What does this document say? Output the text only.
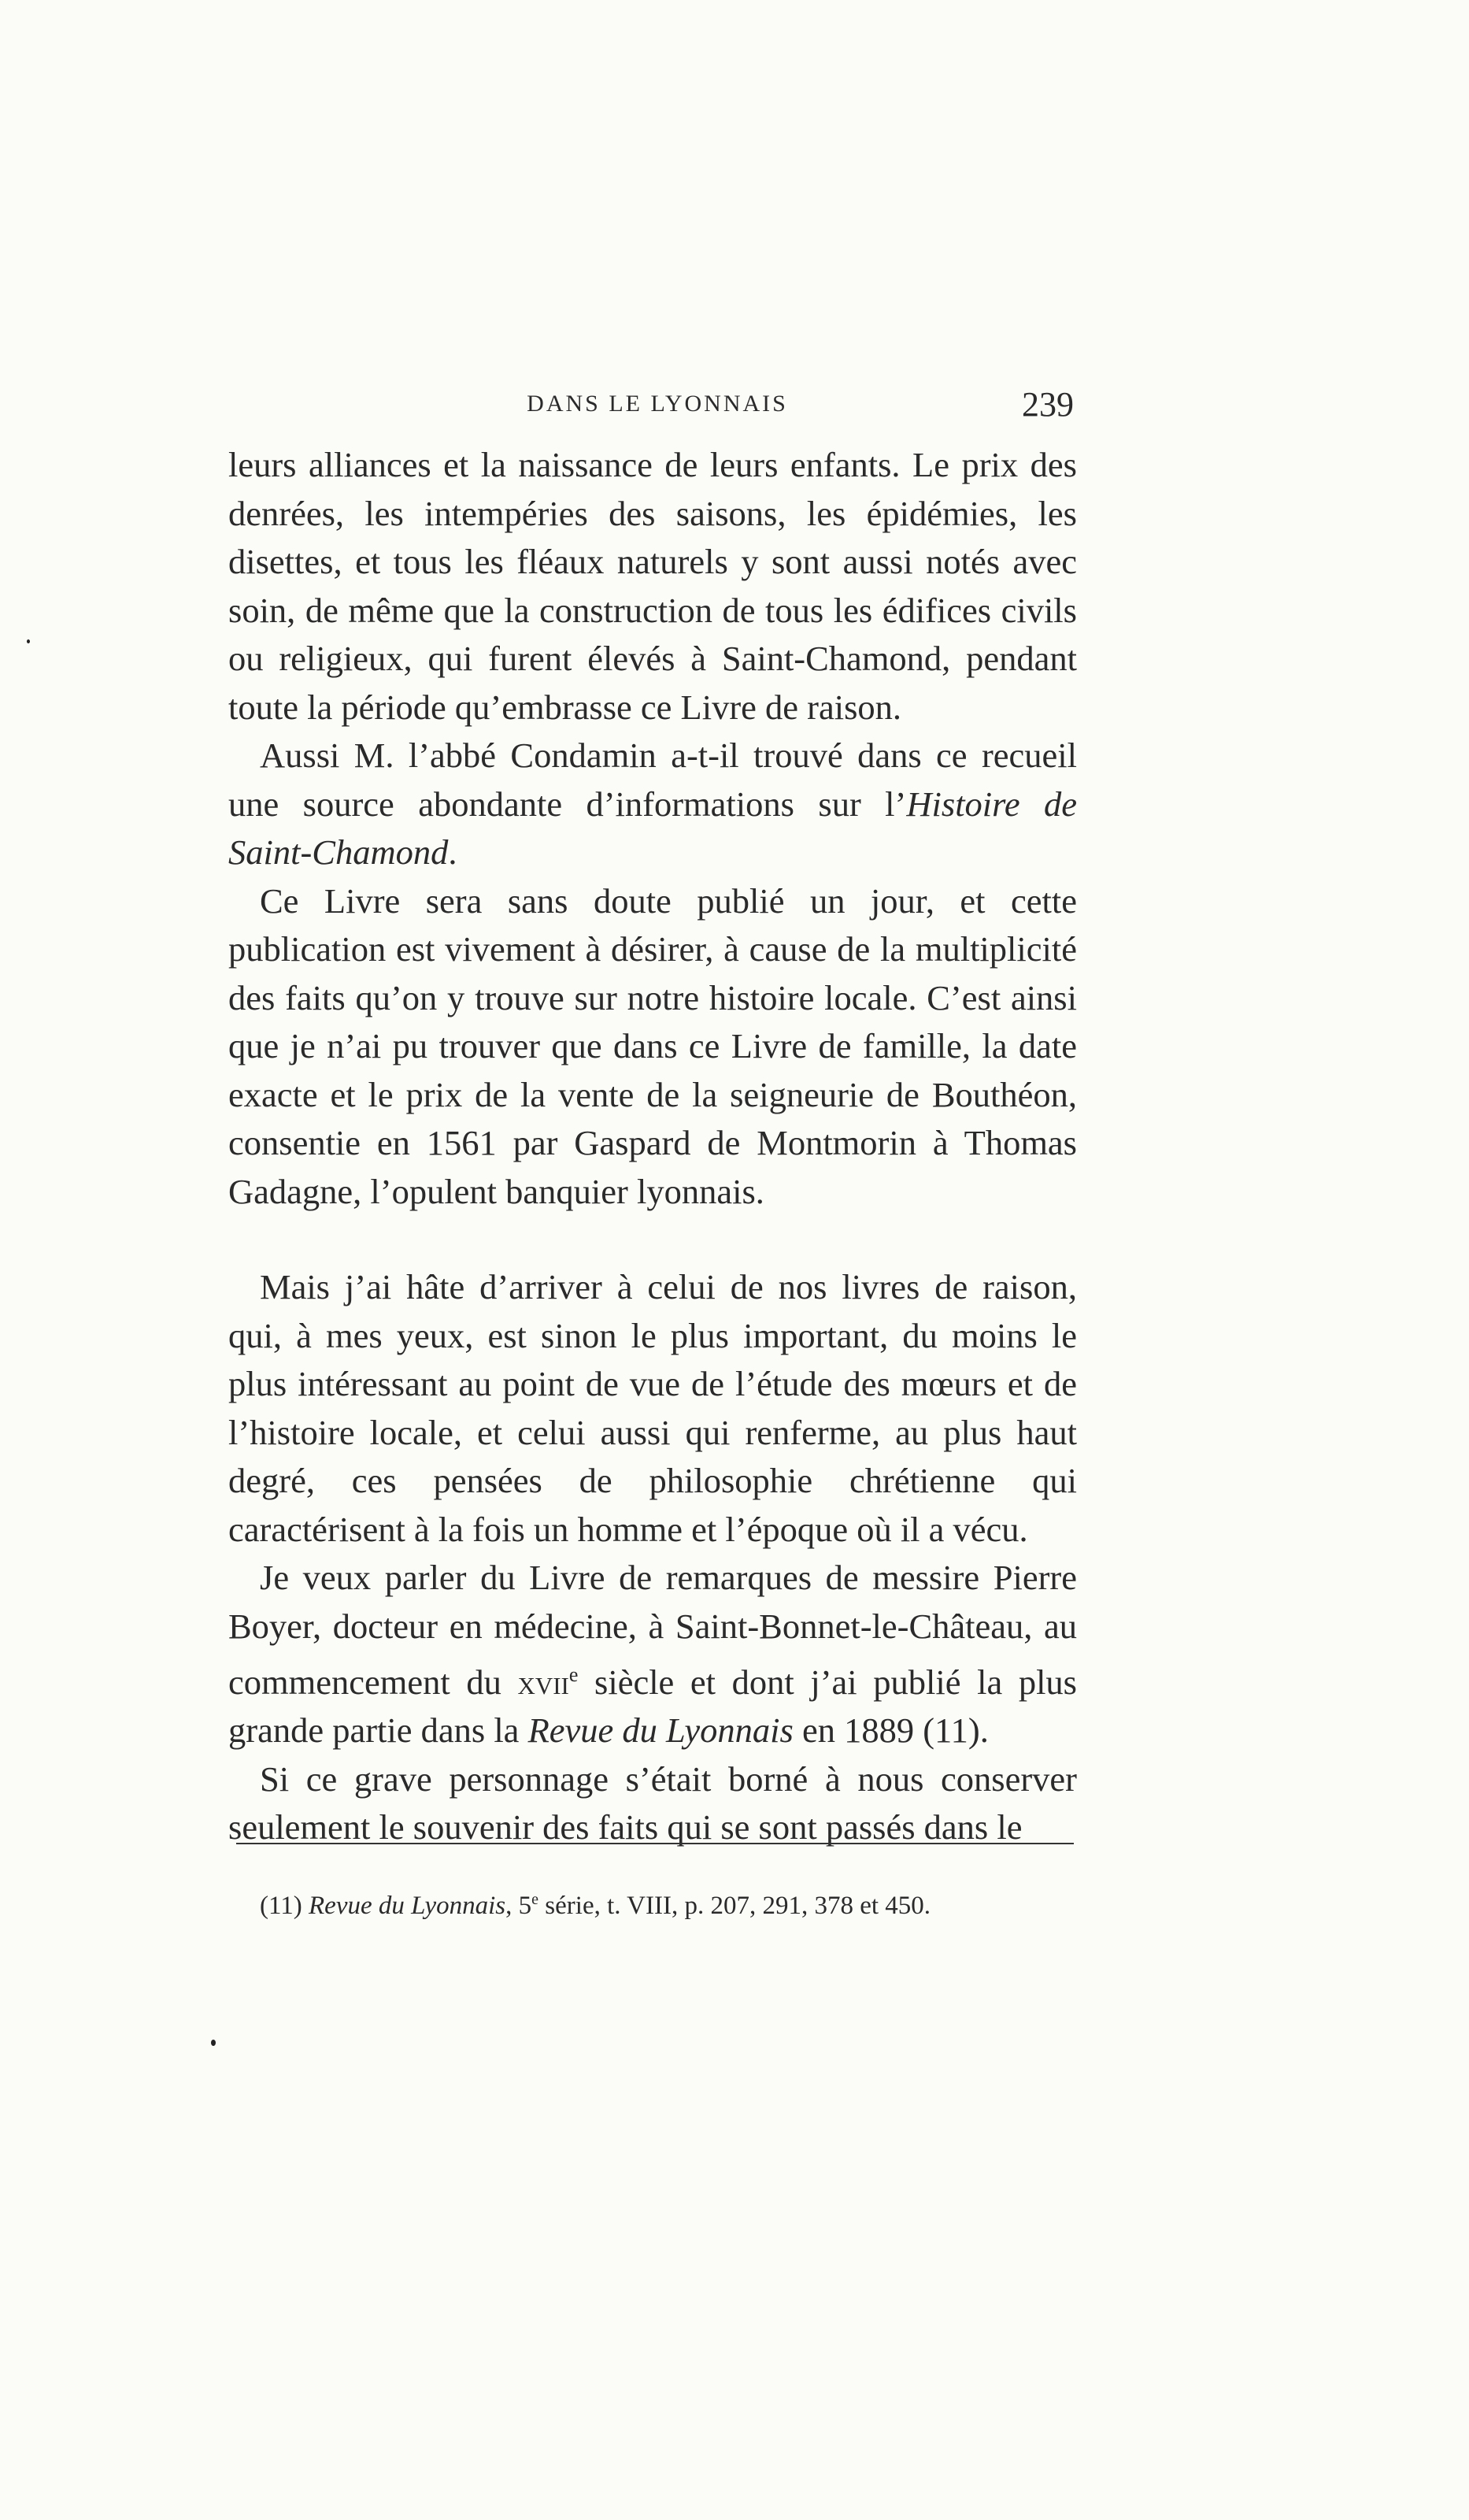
DANS LE LYONNAIS	239

leurs alliances et la naissance de leurs enfants. Le prix des denrées, les intempéries des saisons, les épidémies, les disettes, et tous les fléaux naturels y sont aussi notés avec soin, de même que la construction de tous les édifices civils ou religieux, qui furent élevés à Saint-Chamond, pendant toute la période qu’embrasse ce Livre de raison.

Aussi M. l’abbé Condamin a-t-il trouvé dans ce recueil une source abondante d’informations sur l’Histoire de Saint-Chamond.

Ce Livre sera sans doute publié un jour, et cette publication est vivement à désirer, à cause de la multiplicité des faits qu’on y trouve sur notre histoire locale. C’est ainsi que je n’ai pu trouver que dans ce Livre de famille, la date exacte et le prix de la vente de la seigneurie de Bouthéon, consentie en 1561 par Gaspard de Montmorin à Thomas Gadagne, l’opulent banquier lyonnais.

Mais j’ai hâte d’arriver à celui de nos livres de raison, qui, à mes yeux, est sinon le plus important, du moins le plus intéressant au point de vue de l’étude des mœurs et de l’histoire locale, et celui aussi qui renferme, au plus haut degré, ces pensées de philosophie chrétienne qui caractérisent à la fois un homme et l’époque où il a vécu.

Je veux parler du Livre de remarques de messire Pierre Boyer, docteur en médecine, à Saint-Bonnet-le-Château, au commencement du xvii$^e$ siècle et dont j’ai publié la plus grande partie dans la Revue du Lyonnais en 1889 (11).

Si ce grave personnage s’était borné à nous conserver seulement le souvenir des faits qui se sont passés dans le

(11) Revue du Lyonnais, 5e série, t. VIII, p. 207, 291, 378 et 450.
